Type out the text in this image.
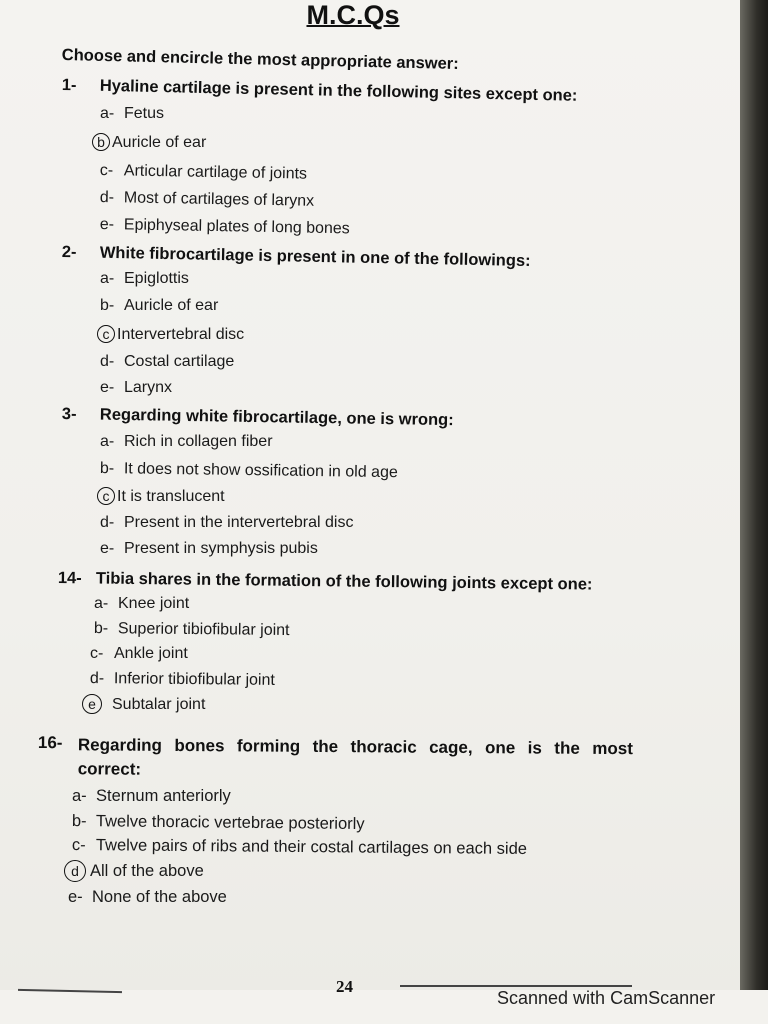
M.C.Qs
Choose and encircle the most appropriate answer:
1-	Hyaline cartilage is present in the following sites except one:
a- Fetus
b Auricle of ear
c- Articular cartilage of joints
d- Most of cartilages of larynx
e- Epiphyseal plates of long bones
2-	White fibrocartilage is present in one of the followings:
a- Epiglottis
b- Auricle of ear
c Intervertebral disc
d- Costal cartilage
e- Larynx
3-	Regarding white fibrocartilage, one is wrong:
a- Rich in collagen fiber
b- It does not show ossification in old age
c It is translucent
d- Present in the intervertebral disc
e- Present in symphysis pubis
14- Tibia shares in the formation of the following joints except one:
a- Knee joint
b- Superior tibiofibular joint
c- Ankle joint
d- Inferior tibiofibular joint
e Subtalar joint
16- Regarding bones forming the thoracic cage, one is the most correct:
a- Sternum anteriorly
b- Twelve thoracic vertebrae posteriorly
c- Twelve pairs of ribs and their costal cartilages on each side
d All of the above
e- None of the above
24
Scanned with CamScanner
